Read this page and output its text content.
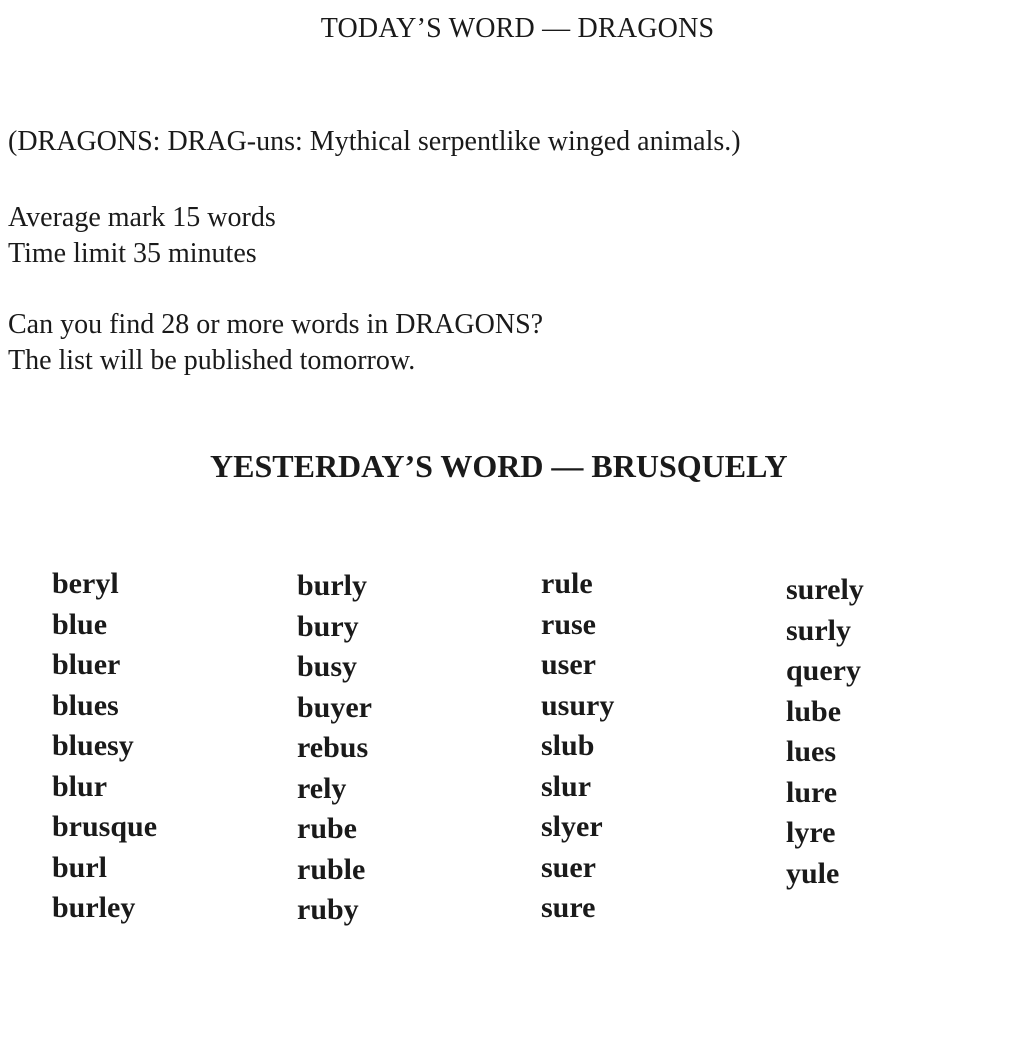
TODAY’S WORD — DRAGONS

(DRAGONS: DRAG-uns: Mythical serpentlike winged animals.)

Average mark 15 words
Time limit 35 minutes

Can you find 28 or more words in DRAGONS?
The list will be published tomorrow.

YESTERDAY’S WORD — BRUSQUELY
beryl
blue
bluer
blues
bluesy
blur
brusque
burl
burley
burly
bury
busy
buyer
rebus
rely
rube
ruble
ruby
rule
ruse
user
usury
slub
slur
slyer
suer
sure
surely
surly
query
lube
lues
lure
lyre
yule
